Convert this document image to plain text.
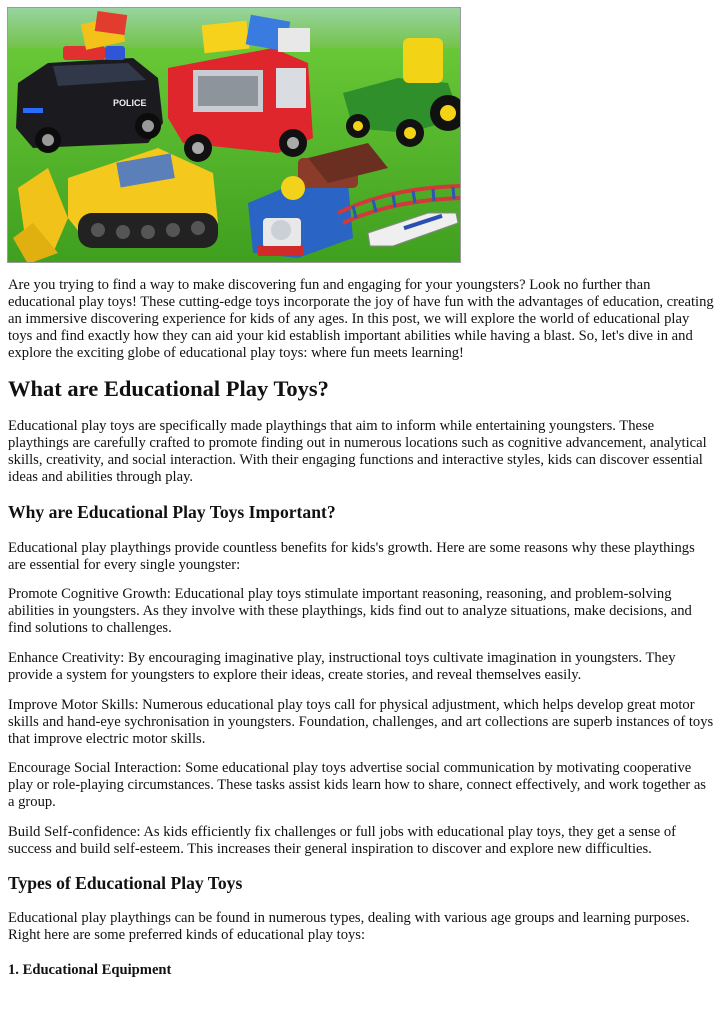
POLICE

Are you trying to find a way to make discovering fun and engaging for your youngsters? Look no further than educational play toys! These cutting-edge toys incorporate the joy of have fun with the advantages of education, creating an immersive discovering experience for kids of any ages. In this post, we will explore the world of educational play toys and find exactly how they can aid your kid establish important abilities while having a blast. So, let's dive in and explore the exciting globe of educational play toys: where fun meets learning!

What are Educational Play Toys?

Educational play toys are specifically made playthings that aim to inform while entertaining youngsters. These playthings are carefully crafted to promote finding out in numerous locations such as cognitive advancement, analytical skills, creativity, and social interaction. With their engaging functions and interactive styles, kids can discover essential ideas and abilities through play.

Why are Educational Play Toys Important?

Educational play playthings provide countless benefits for kids's growth. Here are some reasons why these playthings are essential for every single youngster:

Promote Cognitive Growth: Educational play toys stimulate important reasoning, reasoning, and problem-solving abilities in youngsters. As they involve with these playthings, kids find out to analyze situations, make decisions, and find solutions to challenges.

Enhance Creativity: By encouraging imaginative play, instructional toys cultivate imagination in youngsters. They provide a system for youngsters to explore their ideas, create stories, and reveal themselves easily.

Improve Motor Skills: Numerous educational play toys call for physical adjustment, which helps develop great motor skills and hand-eye sychronisation in youngsters. Foundation, challenges, and art collections are superb instances of toys that improve electric motor skills.

Encourage Social Interaction: Some educational play toys advertise social communication by motivating cooperative play or role-playing circumstances. These tasks assist kids learn how to share, connect effectively, and work together as a group.

Build Self-confidence: As kids efficiently fix challenges or full jobs with educational play toys, they get a sense of success and build self-esteem. This increases their general inspiration to discover and explore new difficulties.

Types of Educational Play Toys

Educational play playthings can be found in numerous types, dealing with various age groups and learning purposes. Right here are some preferred kinds of educational play toys:

1. Educational Equipment
